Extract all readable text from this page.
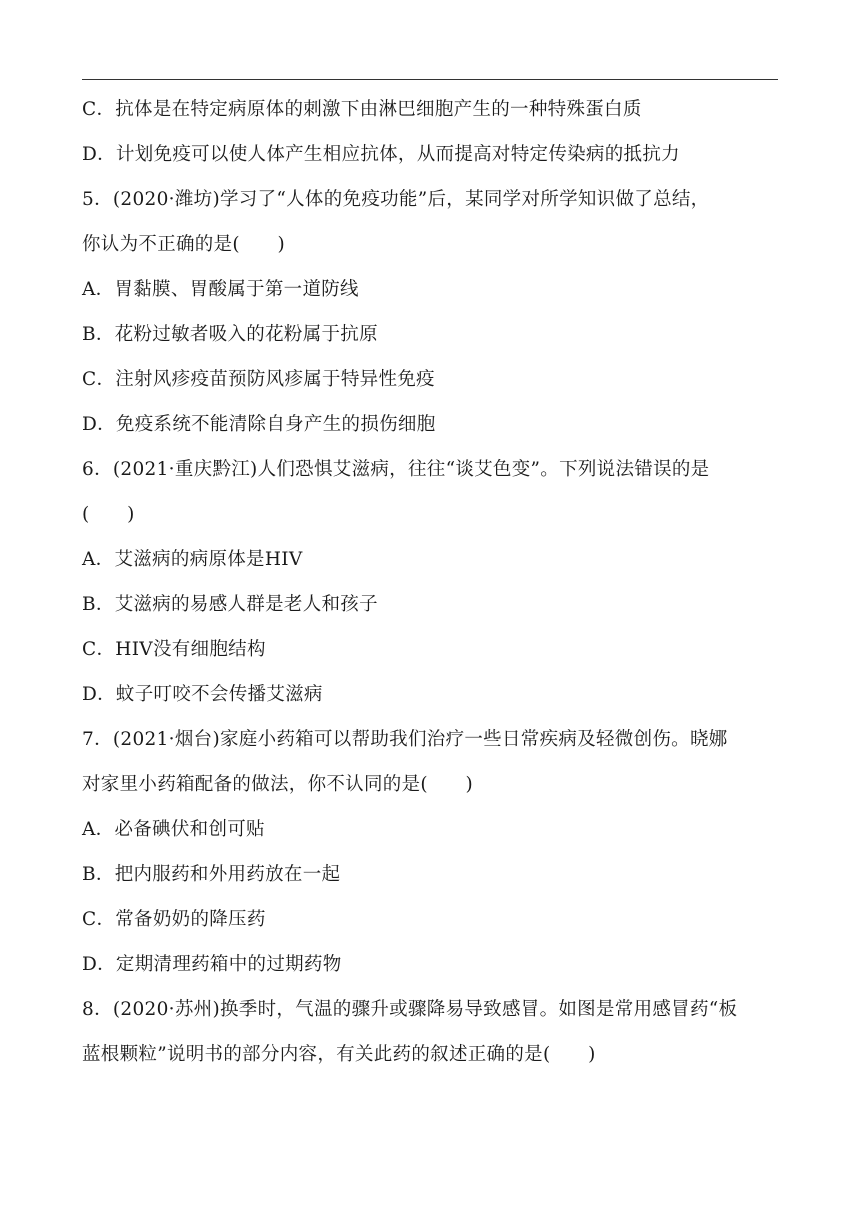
C．抗体是在特定病原体的刺激下由淋巴细胞产生的一种特殊蛋白质
D．计划免疫可以使人体产生相应抗体，从而提高对特定传染病的抵抗力
5．(2020·潍坊)学习了“人体的免疫功能”后，某同学对所学知识做了总结，
你认为不正确的是(　　)
A．胃黏膜、胃酸属于第一道防线
B．花粉过敏者吸入的花粉属于抗原
C．注射风疹疫苗预防风疹属于特异性免疫
D．免疫系统不能清除自身产生的损伤细胞
6．(2021·重庆黔江)人们恐惧艾滋病，往往“谈艾色变”。下列说法错误的是
(　　)
A．艾滋病的病原体是HIV
B．艾滋病的易感人群是老人和孩子
C．HIV没有细胞结构
D．蚊子叮咬不会传播艾滋病
7．(2021·烟台)家庭小药箱可以帮助我们治疗一些日常疾病及轻微创伤。晓娜
对家里小药箱配备的做法，你不认同的是(　　)
A．必备碘伏和创可贴
B．把内服药和外用药放在一起
C．常备奶奶的降压药
D．定期清理药箱中的过期药物
8．(2020·苏州)换季时，气温的骤升或骤降易导致感冒。如图是常用感冒药“板
蓝根颗粒”说明书的部分内容，有关此药的叙述正确的是(　　)
